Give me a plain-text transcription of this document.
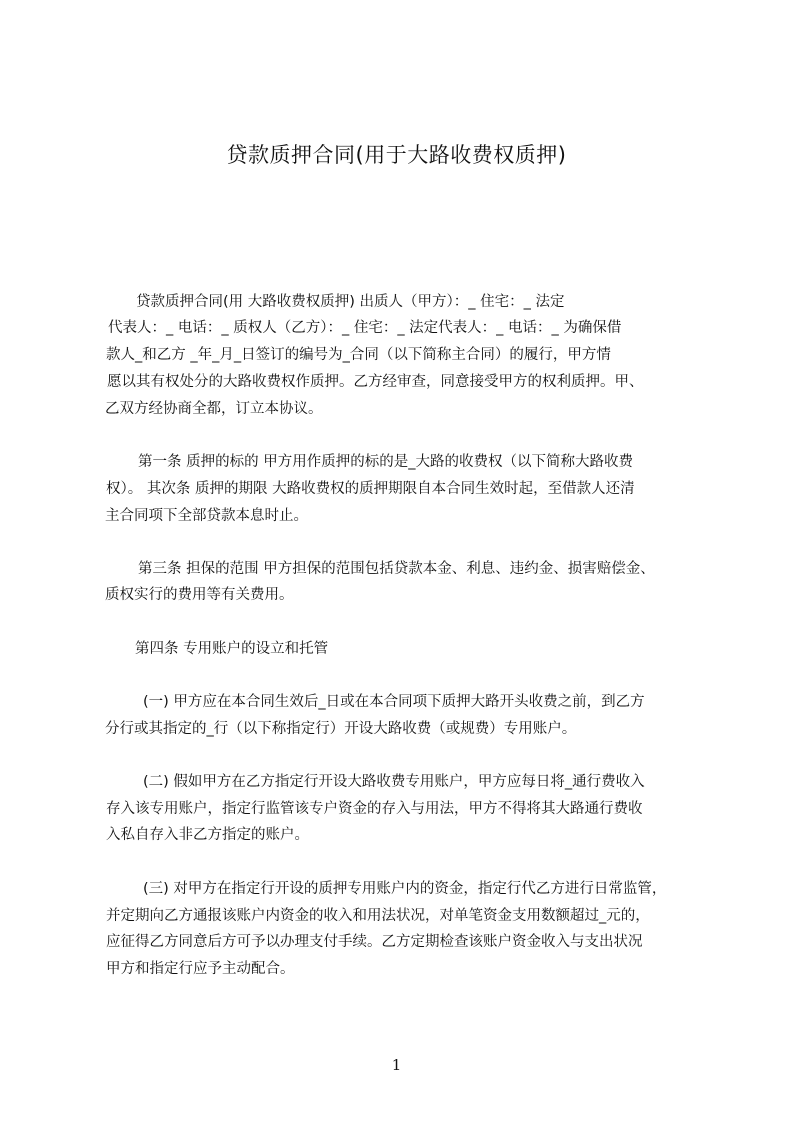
贷款质押合同(用于大路收费权质押)
贷款质押合同(用 大路收费权质押) 出质人（甲方）：_ 住宅：_ 法定
代表人：_ 电话：_ 质权人（乙方）：_ 住宅：_ 法定代表人：_ 电话：_ 为确保借
款人_和乙方 _年_月_日签订的编号为_合同（以下简称主合同）的履行，甲方情
愿以其有权处分的大路收费权作质押。乙方经审查，同意接受甲方的权利质押。甲、
乙双方经协商全都，订立本协议。
第一条 质押的标的 甲方用作质押的标的是_大路的收费权（以下简称大路收费
权）。 其次条 质押的期限 大路收费权的质押期限自本合同生效时起，至借款人还清
主合同项下全部贷款本息时止。
第三条 担保的范围 甲方担保的范围包括贷款本金、利息、违约金、损害赔偿金、
质权实行的费用等有关费用。
第四条 专用账户的设立和托管
(一) 甲方应在本合同生效后_日或在本合同项下质押大路开头收费之前，到乙方
分行或其指定的_行（以下称指定行）开设大路收费（或规费）专用账户。
(二) 假如甲方在乙方指定行开设大路收费专用账户，甲方应每日将_通行费收入
存入该专用账户，指定行监管该专户资金的存入与用法，甲方不得将其大路通行费收
入私自存入非乙方指定的账户。
(三) 对甲方在指定行开设的质押专用账户内的资金，指定行代乙方进行日常监管，
并定期向乙方通报该账户内资金的收入和用法状况，对单笔资金支用数额超过_元的，
应征得乙方同意后方可予以办理支付手续。乙方定期检查该账户资金收入与支出状况
甲方和指定行应予主动配合。
1
